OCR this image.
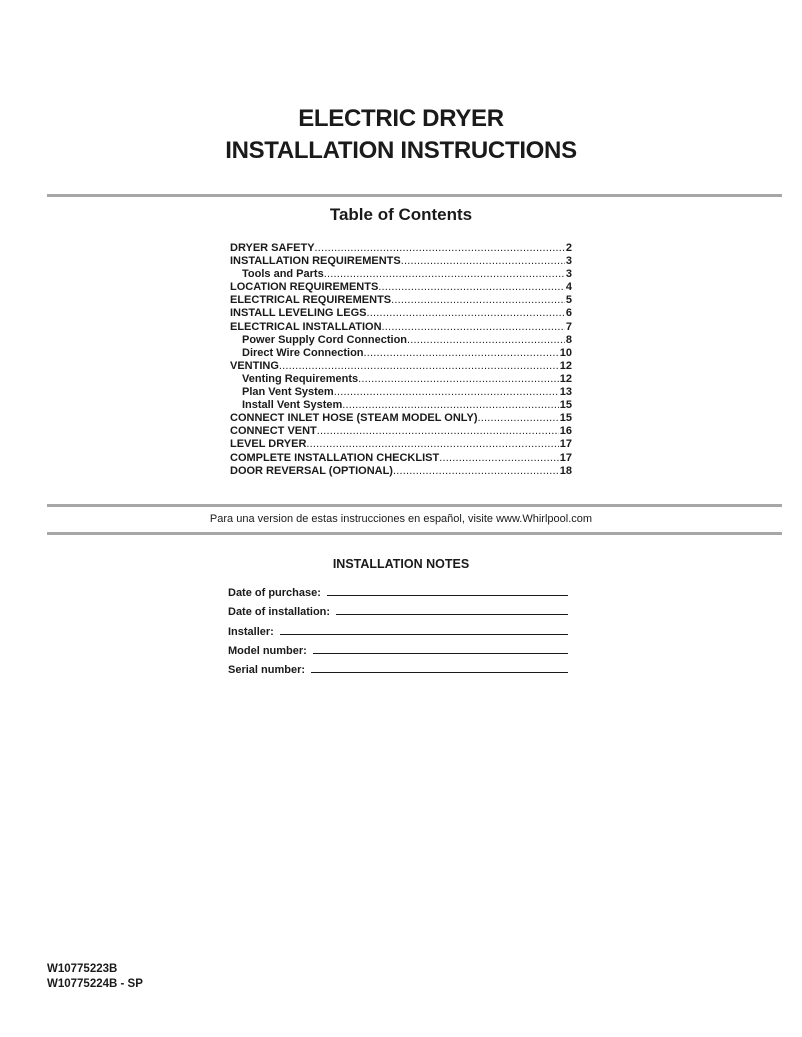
ELECTRIC DRYER
INSTALLATION INSTRUCTIONS
Table of Contents
DRYER SAFETY .....	2
INSTALLATION REQUIREMENTS .....	3
Tools and Parts .....	3
LOCATION REQUIREMENTS .....	4
ELECTRICAL REQUIREMENTS .....	5
INSTALL LEVELING LEGS .....	6
ELECTRICAL INSTALLATION .....	7
Power Supply Cord Connection .....	8
Direct Wire Connection .....	10
VENTING .....	12
Venting Requirements .....	12
Plan Vent System .....	13
Install Vent System .....	15
CONNECT INLET HOSE (STEAM MODEL ONLY) .....	15
CONNECT VENT .....	16
LEVEL DRYER .....	17
COMPLETE INSTALLATION CHECKLIST .....	17
DOOR REVERSAL (OPTIONAL) .....	18
Para una version de estas instrucciones en español, visite www.Whirlpool.com
INSTALLATION NOTES
Date of purchase:
Date of installation:
Installer:
Model number:
Serial number:
W10775223B
W10775224B - SP
